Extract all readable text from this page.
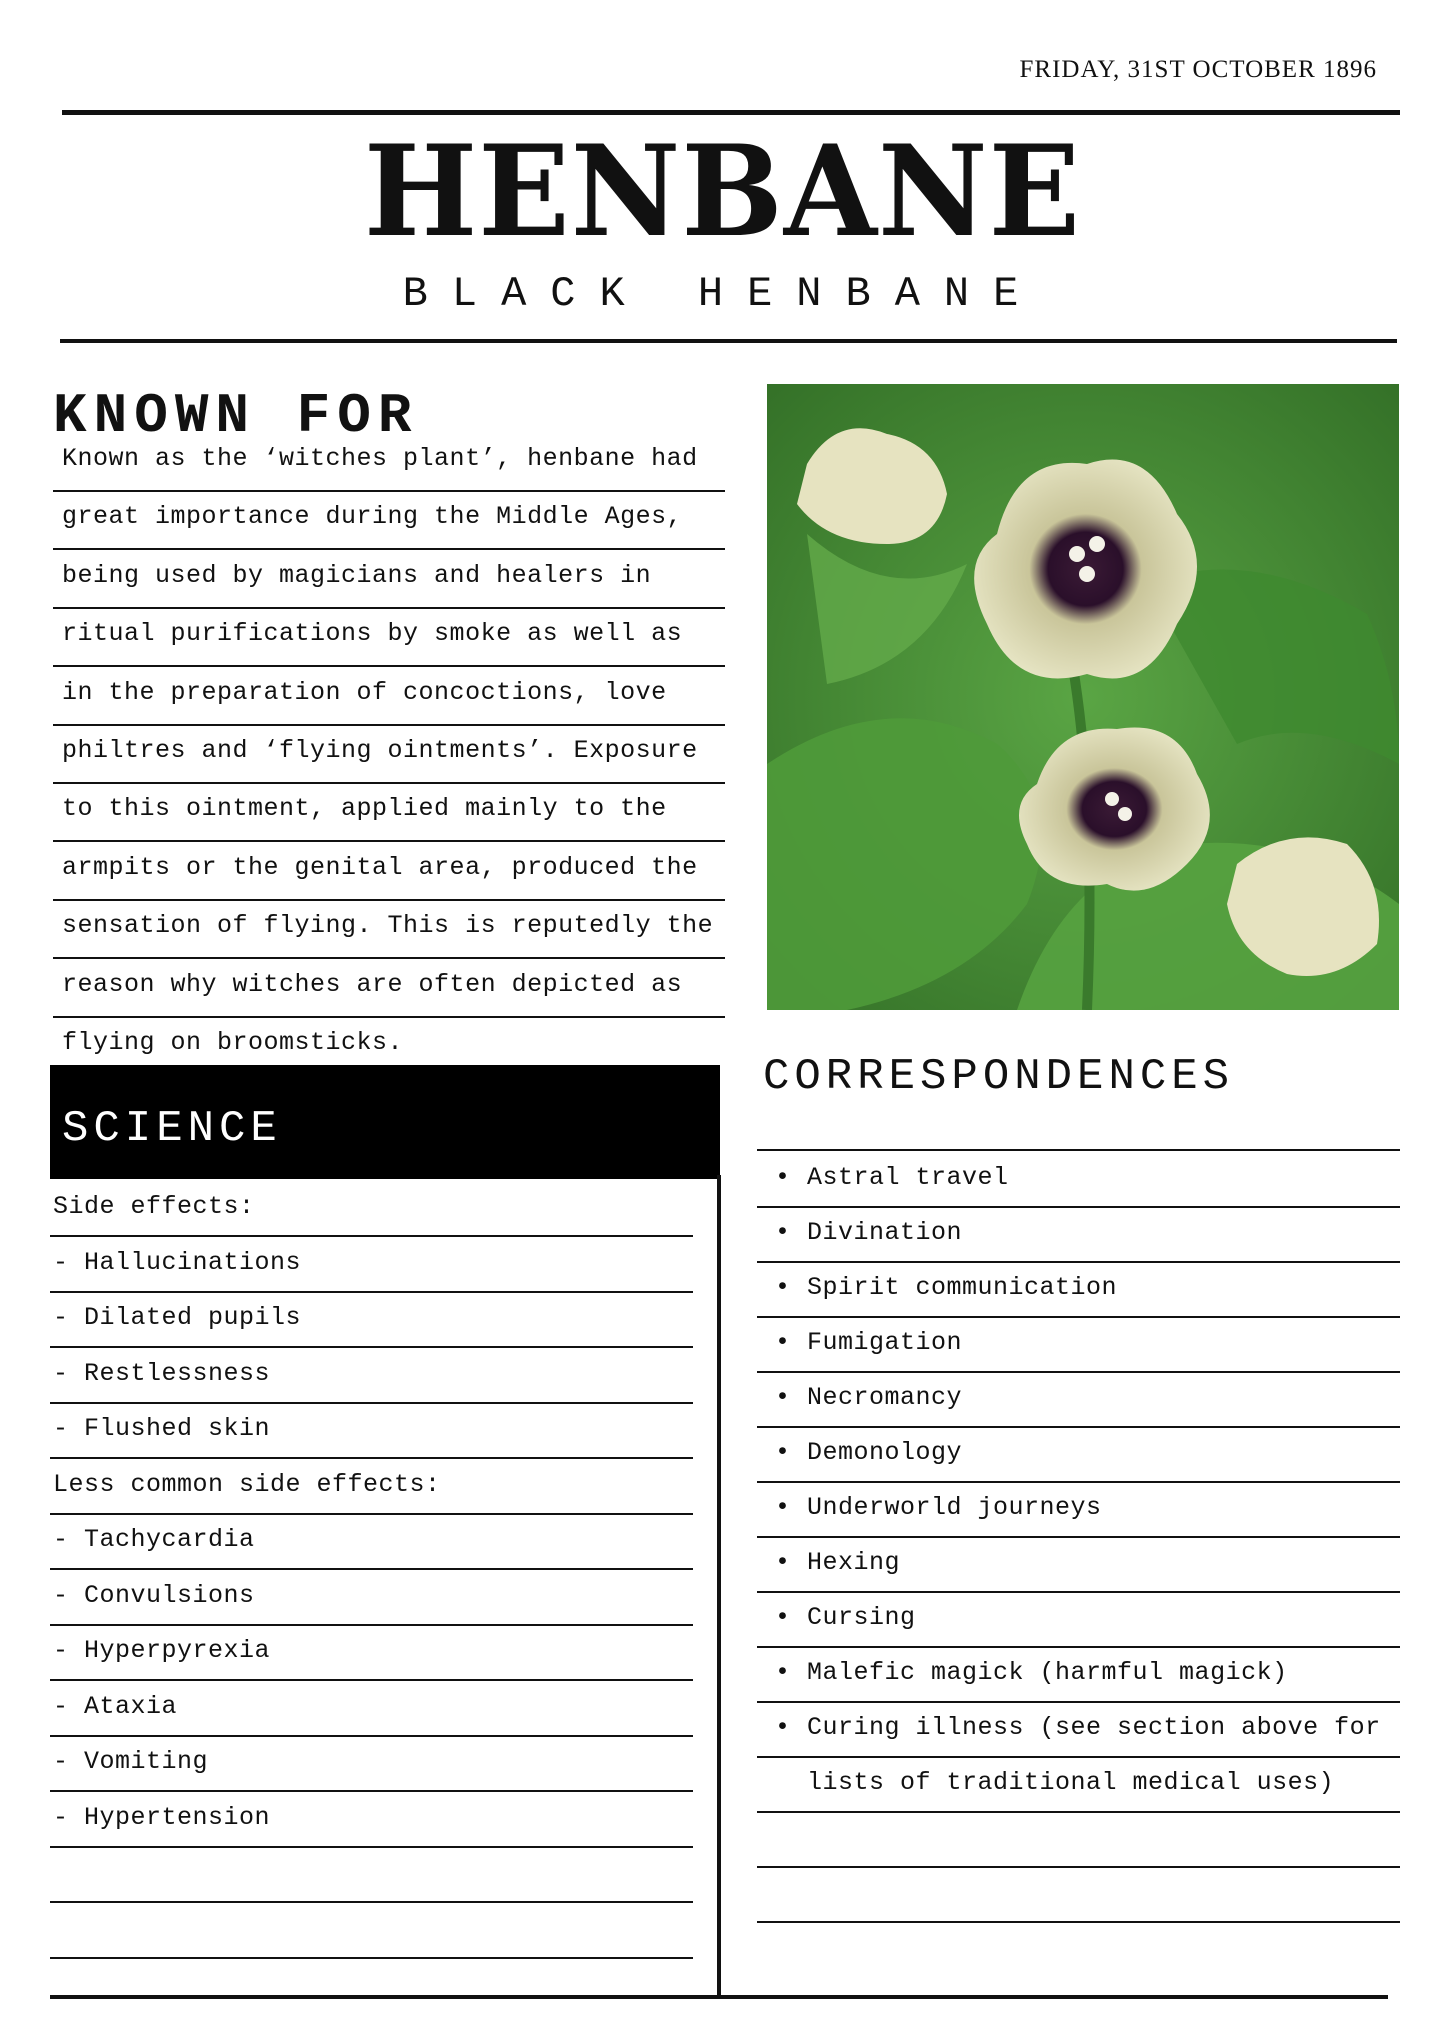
FRIDAY, 31ST OCTOBER 1896
HENBANE
BLACK HENBANE
KNOWN FOR
Known as the ‘witches plant’, henbane had
great importance during the Middle Ages,
being used by magicians and healers in
ritual purifications by smoke as well as
in the preparation of concoctions, love
philtres and ‘flying ointments’. Exposure
to this ointment, applied mainly to the
armpits or the genital area, produced the
sensation of flying. This is reputedly the
reason why witches are often depicted as
flying on broomsticks.
SCIENCE
Side effects:
- Hallucinations
- Dilated pupils
- Restlessness
- Flushed skin
Less common side effects:
- Tachycardia
- Convulsions
- Hyperpyrexia
- Ataxia
- Vomiting
- Hypertension
CORRESPONDENCES
• Astral travel
• Divination
• Spirit communication
• Fumigation
• Necromancy
• Demonology
• Underworld journeys
• Hexing
• Cursing
• Malefic magick (harmful magick)
• Curing illness (see section above for
lists of traditional medical uses)
